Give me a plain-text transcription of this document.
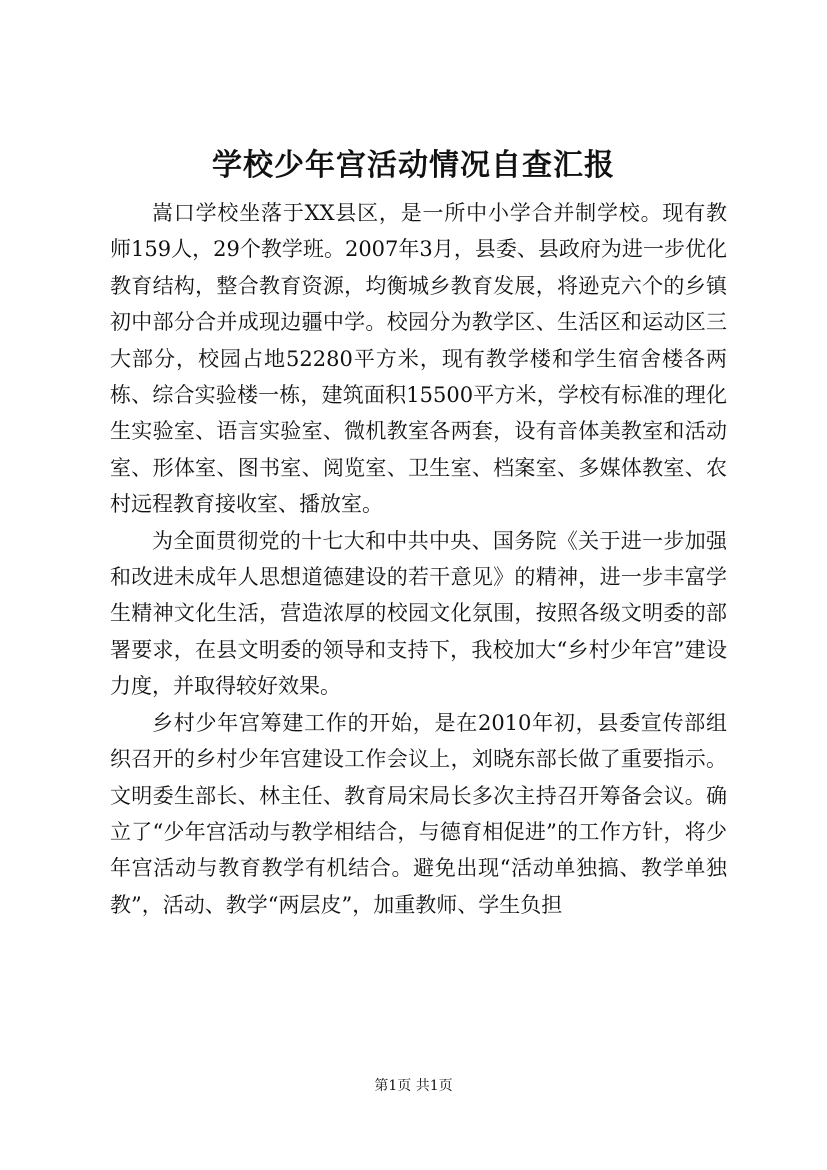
学校少年宫活动情况自查汇报

嵩口学校坐落于XX县区，是一所中小学合并制学校。现有教师159人，29个教学班。2007年3月，县委、县政府为进一步优化教育结构，整合教育资源，均衡城乡教育发展，将逊克六个的乡镇初中部分合并成现边疆中学。校园分为教学区、生活区和运动区三大部分，校园占地52280平方米，现有教学楼和学生宿舍楼各两栋、综合实验楼一栋，建筑面积15500平方米，学校有标准的理化生实验室、语言实验室、微机教室各两套，设有音体美教室和活动室、形体室、图书室、阅览室、卫生室、档案室、多媒体教室、农村远程教育接收室、播放室。

为全面贯彻党的十七大和中共中央、国务院《关于进一步加强和改进未成年人思想道德建设的若干意见》的精神，进一步丰富学生精神文化生活，营造浓厚的校园文化氛围，按照各级文明委的部署要求，在县文明委的领导和支持下，我校加大“乡村少年宫”建设力度，并取得较好效果。

乡村少年宫筹建工作的开始，是在2010年初，县委宣传部组织召开的乡村少年宫建设工作会议上，刘晓东部长做了重要指示。文明委生部长、林主任、教育局宋局长多次主持召开筹备会议。确立了“少年宫活动与教学相结合，与德育相促进”的工作方针，将少年宫活动与教育教学有机结合。避免出现“活动单独搞、教学单独教”，活动、教学“两层皮”，加重教师、学生负担

第1页 共1页
